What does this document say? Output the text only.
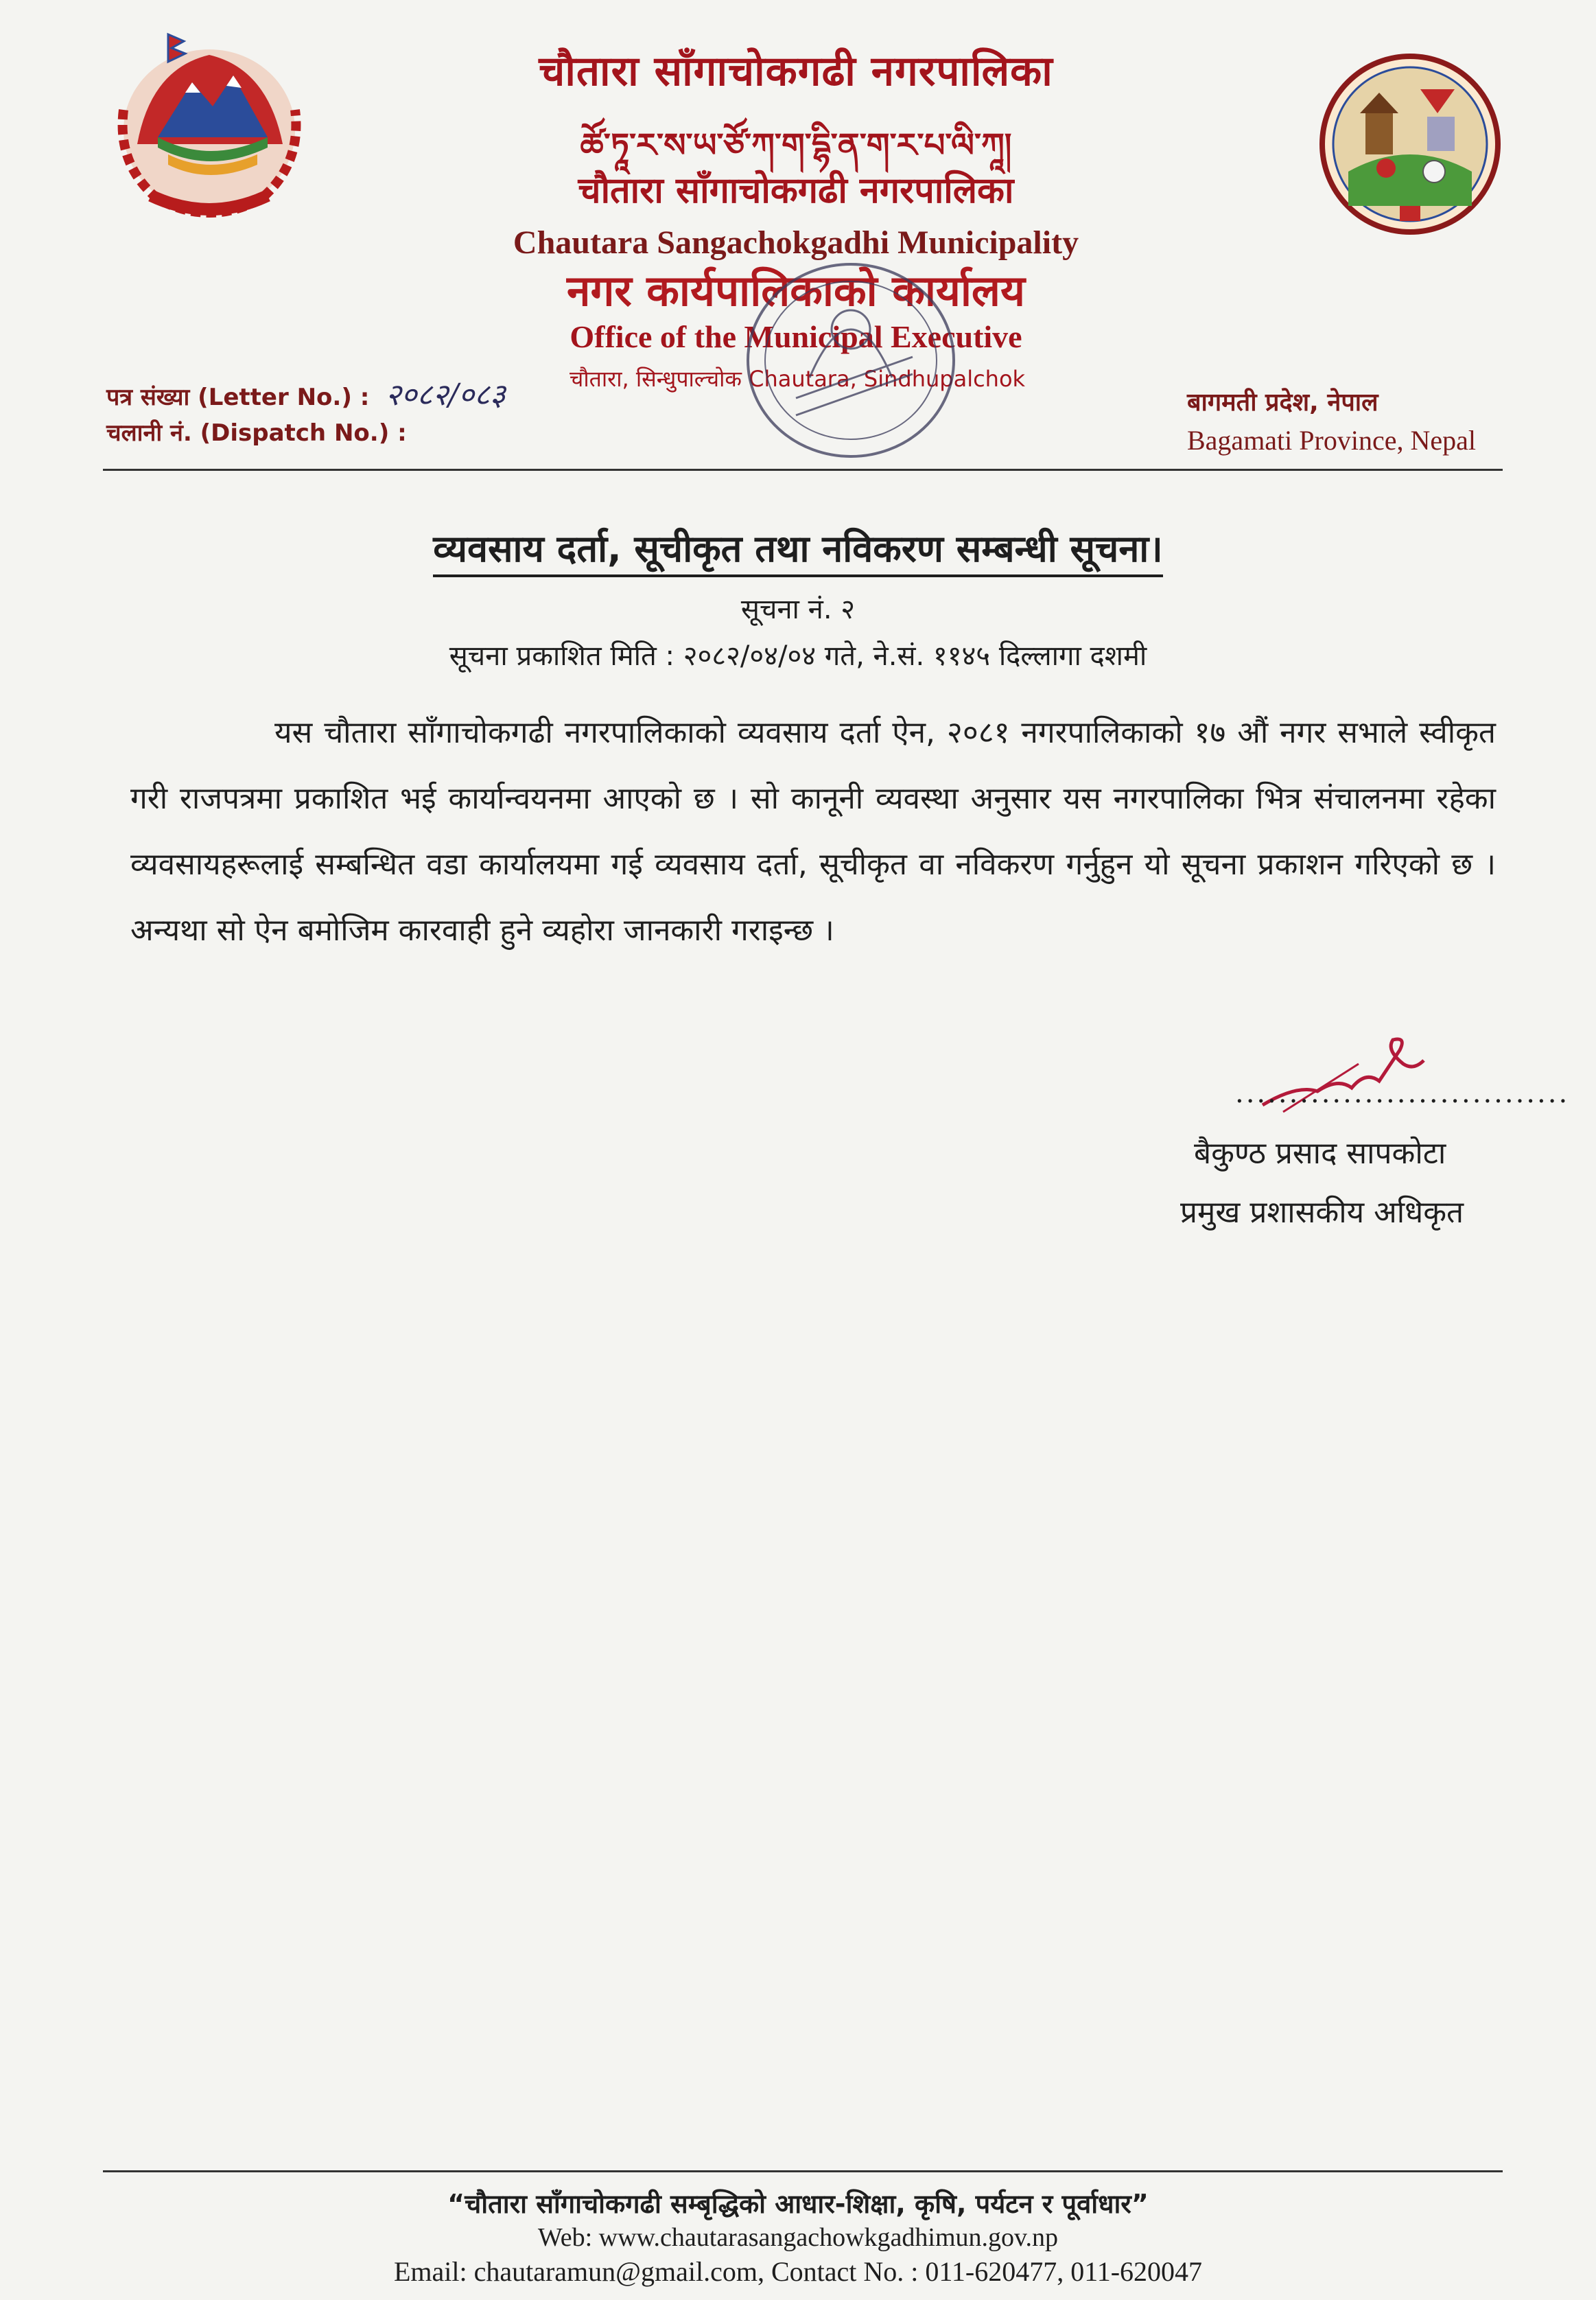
चौतारा साँगाचोकगढी नगरपालिका
ཚོ་ཏཱ་ར་ས་ཡ་ཙོ་ཀ་ག་དྷི་ན་ག་ར་པ་ལི་ཀཱ།
चौतारा साँगाचोकगढी नगरपालिका
Chautara Sangachokgadhi Municipality
नगर कार्यपालिकाको कार्यालय
Office of the Municipal Executive
चौतारा, सिन्धुपाल्चोक Chautara, Sindhupalchok
पत्र संख्या (Letter No.) : २०८२/०८३
चलानी नं. (Dispatch No.) :
बागमती प्रदेश, नेपाल
Bagamati Province, Nepal
व्यवसाय दर्ता, सूचीकृत तथा नविकरण सम्बन्धी सूचना।
सूचना नं. २
सूचना प्रकाशित मिति : २०८२/०४/०४ गते, ने.सं. ११४५ दिल्लागा दशमी
यस चौतारा साँगाचोकगढी नगरपालिकाको व्यवसाय दर्ता ऐन, २०८१ नगरपालिकाको १७ औं नगर सभाले स्वीकृत गरी राजपत्रमा प्रकाशित भई कार्यान्वयनमा आएको छ । सो कानूनी व्यवस्था अनुसार यस नगरपालिका भित्र संचालनमा रहेका व्यवसायहरूलाई सम्बन्धित वडा कार्यालयमा गई व्यवसाय दर्ता, सूचीकृत वा नविकरण गर्नुहुन यो सूचना प्रकाशन गरिएको छ । अन्यथा सो ऐन बमोजिम कारवाही हुने व्यहोरा जानकारी गराइन्छ ।
...............................
बैकुण्ठ प्रसाद सापकोटा
प्रमुख प्रशासकीय अधिकृत
“चौतारा साँगाचोकगढी सम्बृद्धिको आधार-शिक्षा, कृषि, पर्यटन र पूर्वाधार”
Web: www.chautarasangachowkgadhimun.gov.np
Email: chautaramun@gmail.com, Contact No. : 011-620477, 011-620047
